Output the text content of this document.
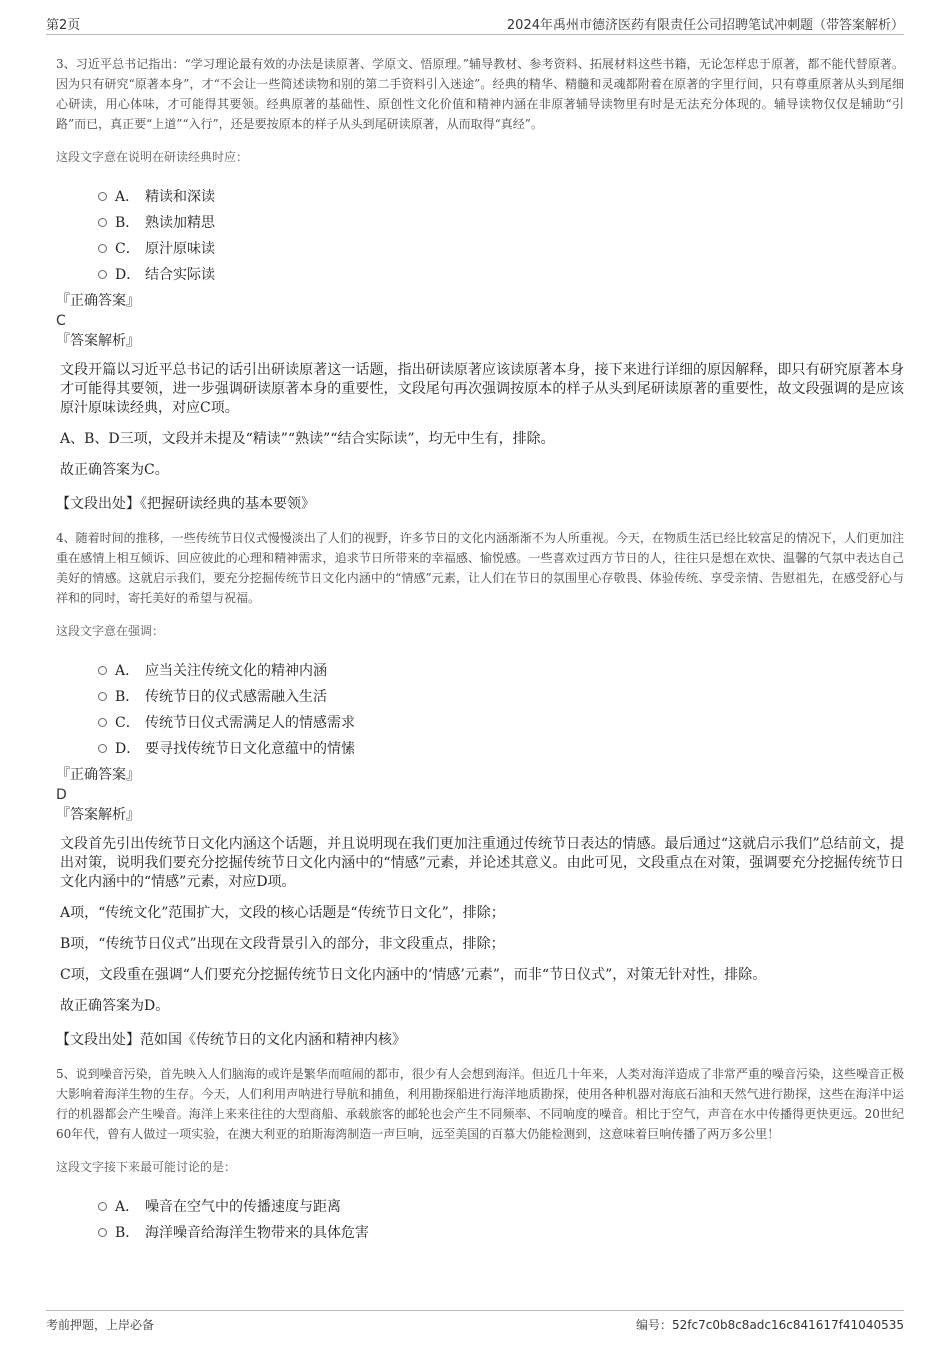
第2页	2024年禹州市德济医药有限责任公司招聘笔试冲刺题（带答案解析）

3、习近平总书记指出：“学习理论最有效的办法是读原著、学原文、悟原理。”辅导教材、参考资料、拓展材料这些书籍，无论怎样忠于原著，都不能代替原著。因为只有研究“原著本身”，才“不会让一些简述读物和别的第二手资料引入迷途”。经典的精华、精髓和灵魂都附着在原著的字里行间，只有尊重原著从头到尾细心研读，用心体味，才可能得其要领。经典原著的基础性、原创性文化价值和精神内涵在非原著辅导读物里有时是无法充分体现的。辅导读物仅仅是辅助“引路”而已，真正要“上道”“入行”，还是要按原本的样子从头到尾研读原著，从而取得“真经”。

这段文字意在说明在研读经典时应：

A． 精读和深读
B． 熟读加精思
C． 原汁原味读
D． 结合实际读

『正确答案』

C

『答案解析』

文段开篇以习近平总书记的话引出研读原著这一话题，指出研读原著应该读原著本身，接下来进行详细的原因解释，即只有研究原著本身才可能得其要领，进一步强调研读原著本身的重要性，文段尾句再次强调按原本的样子从头到尾研读原著的重要性，故文段强调的是应该原汁原味读经典，对应C项。

A、B、D三项，文段并未提及“精读”“熟读”“结合实际读”，均无中生有，排除。

故正确答案为C。

【文段出处】《把握研读经典的基本要领》

4、随着时间的推移，一些传统节日仪式慢慢淡出了人们的视野，许多节日的文化内涵渐渐不为人所重视。今天，在物质生活已经比较富足的情况下，人们更加注重在感情上相互倾诉、回应彼此的心理和精神需求，追求节日所带来的幸福感、愉悦感。一些喜欢过西方节日的人，往往只是想在欢快、温馨的气氛中表达自己美好的情感。这就启示我们，要充分挖掘传统节日文化内涵中的“情感”元素，让人们在节日的氛围里心存敬畏、体验传统、享受亲情、告慰祖先，在感受舒心与祥和的同时，寄托美好的希望与祝福。

这段文字意在强调：

A． 应当关注传统文化的精神内涵
B． 传统节日的仪式感需融入生活
C． 传统节日仪式需满足人的情感需求
D． 要寻找传统节日文化意蕴中的情愫

『正确答案』

D

『答案解析』

文段首先引出传统节日文化内涵这个话题，并且说明现在我们更加注重通过传统节日表达的情感。最后通过“这就启示我们”总结前文，提出对策，说明我们要充分挖掘传统节日文化内涵中的“情感”元素，并论述其意义。由此可见，文段重点在对策，强调要充分挖掘传统节日文化内涵中的“情感”元素，对应D项。

A项，“传统文化”范围扩大，文段的核心话题是“传统节日文化”，排除；

B项，“传统节日仪式”出现在文段背景引入的部分，非文段重点，排除；

C项，文段重在强调“人们要充分挖掘传统节日文化内涵中的‘情感’元素”，而非“节日仪式”，对策无针对性，排除。

故正确答案为D。

【文段出处】范如国《传统节日的文化内涵和精神内核》

5、说到噪音污染，首先映入人们脑海的或许是繁华而喧闹的都市，很少有人会想到海洋。但近几十年来，人类对海洋造成了非常严重的噪音污染，这些噪音正极大影响着海洋生物的生存。今天，人们利用声呐进行导航和捕鱼，利用勘探船进行海洋地质勘探，使用各种机器对海底石油和天然气进行勘探，这些在海洋中运行的机器都会产生噪音。海洋上来来往往的大型商船、承载旅客的邮轮也会产生不同频率、不同响度的噪音。相比于空气，声音在水中传播得更快更远。20世纪60年代，曾有人做过一项实验，在澳大利亚的珀斯海湾制造一声巨响，远至美国的百慕大仍能检测到，这意味着巨响传播了两万多公里！

这段文字接下来最可能讨论的是：

A． 噪音在空气中的传播速度与距离
B． 海洋噪音给海洋生物带来的具体危害
考前押题，上岸必备	编号：52fc7c0b8c8adc16c841617f41040535
